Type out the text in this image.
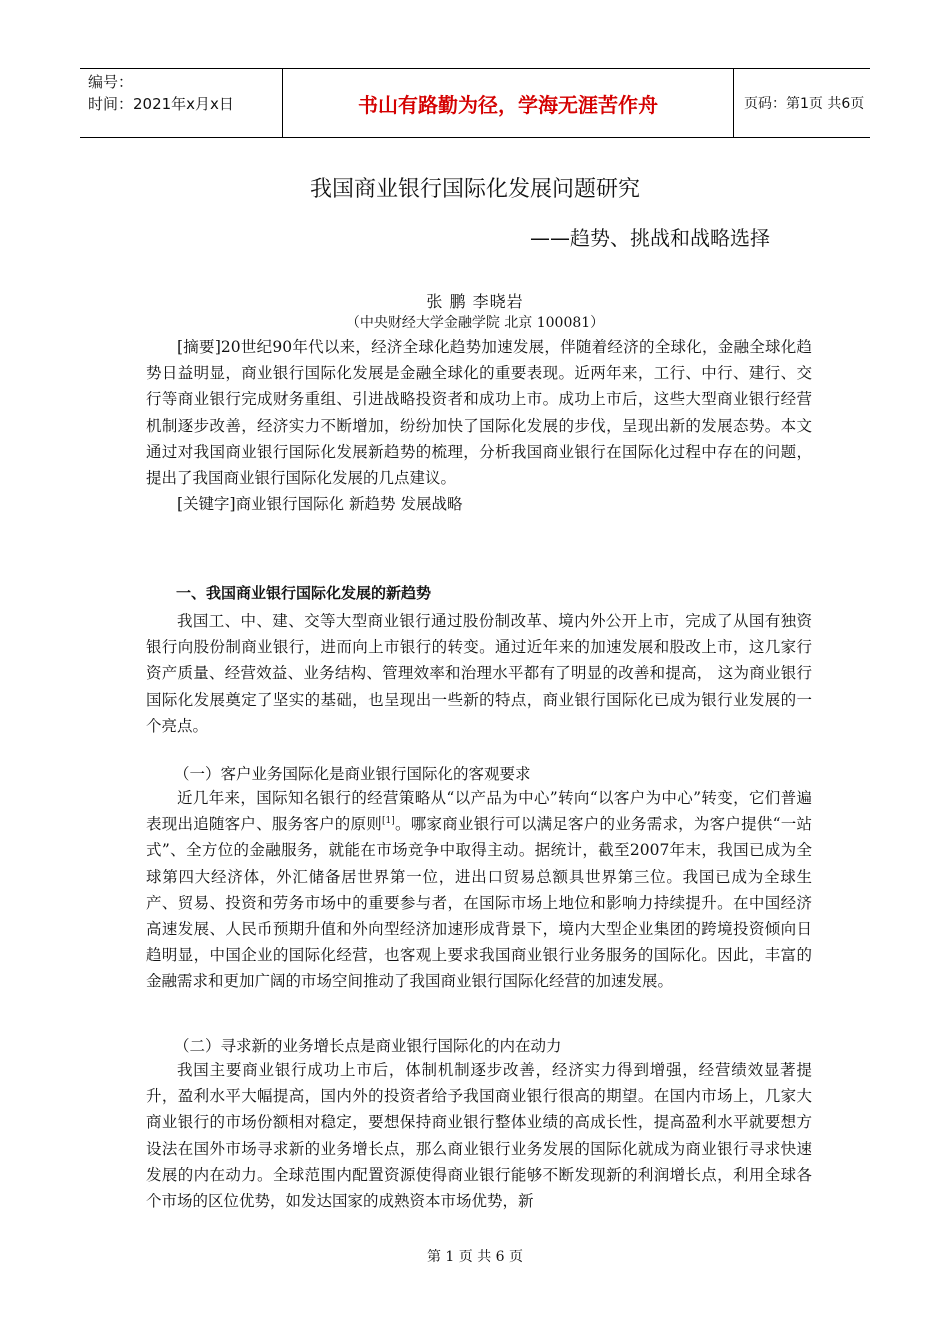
编号：
时间：2021年x月x日	书山有路勤为径，学海无涯苦作舟	页码：第1页 共6页
我国商业银行国际化发展问题研究
——趋势、挑战和战略选择
张 鹏 李晓岩
（中央财经大学金融学院 北京 100081）

[摘要]20世纪90年代以来，经济全球化趋势加速发展，伴随着经济的全球化，金融全球化趋势日益明显，商业银行国际化发展是金融全球化的重要表现。近两年来，工行、中行、建行、交行等商业银行完成财务重组、引进战略投资者和成功上市。成功上市后，这些大型商业银行经营机制逐步改善，经济实力不断增加，纷纷加快了国际化发展的步伐，呈现出新的发展态势。本文通过对我国商业银行国际化发展新趋势的梳理，分析我国商业银行在国际化过程中存在的问题，提出了我国商业银行国际化发展的几点建议。

[关键字]商业银行国际化 新趋势 发展战略

一、我国商业银行国际化发展的新趋势

我国工、中、建、交等大型商业银行通过股份制改革、境内外公开上市，完成了从国有独资银行向股份制商业银行，进而向上市银行的转变。通过近年来的加速发展和股改上市，这几家行资产质量、经营效益、业务结构、管理效率和治理水平都有了明显的改善和提高， 这为商业银行国际化发展奠定了坚实的基础，也呈现出一些新的特点，商业银行国际化已成为银行业发展的一个亮点。

（一）客户业务国际化是商业银行国际化的客观要求

近几年来，国际知名银行的经营策略从“以产品为中心”转向“以客户为中心”转变，它们普遍表现出追随客户、服务客户的原则[1]。哪家商业银行可以满足客户的业务需求，为客户提供“一站式”、全方位的金融服务，就能在市场竞争中取得主动。据统计，截至2007年末，我国已成为全球第四大经济体，外汇储备居世界第一位，进出口贸易总额具世界第三位。我国已成为全球生产、贸易、投资和劳务市场中的重要参与者，在国际市场上地位和影响力持续提升。在中国经济高速发展、人民币预期升值和外向型经济加速形成背景下，境内大型企业集团的跨境投资倾向日趋明显，中国企业的国际化经营，也客观上要求我国商业银行业务服务的国际化。因此，丰富的金融需求和更加广阔的市场空间推动了我国商业银行国际化经营的加速发展。

（二）寻求新的业务增长点是商业银行国际化的内在动力

我国主要商业银行成功上市后，体制机制逐步改善，经济实力得到增强，经营绩效显著提升，盈利水平大幅提高，国内外的投资者给予我国商业银行很高的期望。在国内市场上，几家大商业银行的市场份额相对稳定，要想保持商业银行整体业绩的高成长性，提高盈利水平就要想方设法在国外市场寻求新的业务增长点，那么商业银行业务发展的国际化就成为商业银行寻求快速发展的内在动力。全球范围内配置资源使得商业银行能够不断发现新的利润增长点，利用全球各个市场的区位优势，如发达国家的成熟资本市场优势，新

第 1 页 共 6 页
